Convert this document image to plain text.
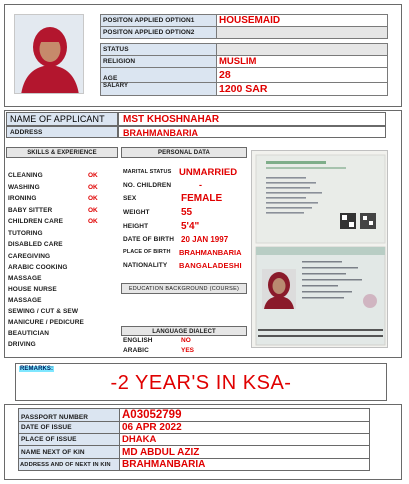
POSITON APPLIED OPTION1	HOUSEMAID
POSITON APPLIED OPTION2	

STATUS	
RELIGION	MUSLIM
AGE	28
SALARY	1200 SAR
NAME OF APPLICANT	MST KHOSHNAHAR
ADDRESS	BRAHMANBARIA
SKILLS & EXPERIENCE
CLEANING	OK
WASHING	OK
IRONING	OK
BABY SITTER	OK
CHILDREN CARE	OK
TUTORING	
DISABLED CARE	
CAREGIVING	
ARABIC COOKING	
MASSAGE	
HOUSE NURSE	
MASSAGE	
SEWING / CUT & SEW	
MANICURE / PEDICURE	
BEAUTICIAN	
DRIVING	
PERSONAL DATA
MARITAL STATUS	UNMARRIED
NO. CHILDREN	-
SEX	FEMALE
WEIGHT	55
HEIGHT	5'4"
DATE OF BIRTH	20 JAN 1997
PLACE OF BIRTH	BRAHMANBARIA
NATIONALITY	BANGALADESHI
EDUCATION BACKGROUND (COURSE)
LANGUAGE DIALECT
ENGLISH	NO
ARABIC	YES
REMARKS:
-2 YEAR'S IN KSA-
PASSPORT NUMBER	A03052799
DATE OF ISSUE	06 APR 2022
PLACE OF ISSUE	DHAKA
NAME NEXT OF KIN	MD ABDUL AZIZ
ADDRESS AND OF NEXT IN KIN	BRAHMANBARIA
